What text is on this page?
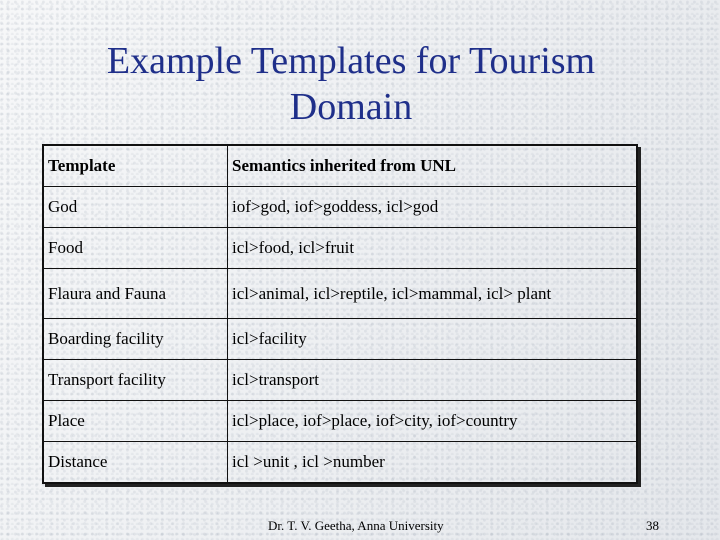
Example Templates for Tourism
Domain
Template	Semantics inherited from UNL
God	iof>god, iof>goddess, icl>god
Food	icl>food, icl>fruit
Flaura and Fauna	icl>animal, icl>reptile, icl>mammal, icl> plant
Boarding facility	icl>facility
Transport facility	icl>transport
Place	icl>place, iof>place, iof>city, iof>country
Distance	icl >unit , icl >number
Dr. T. V. Geetha, Anna University	38
